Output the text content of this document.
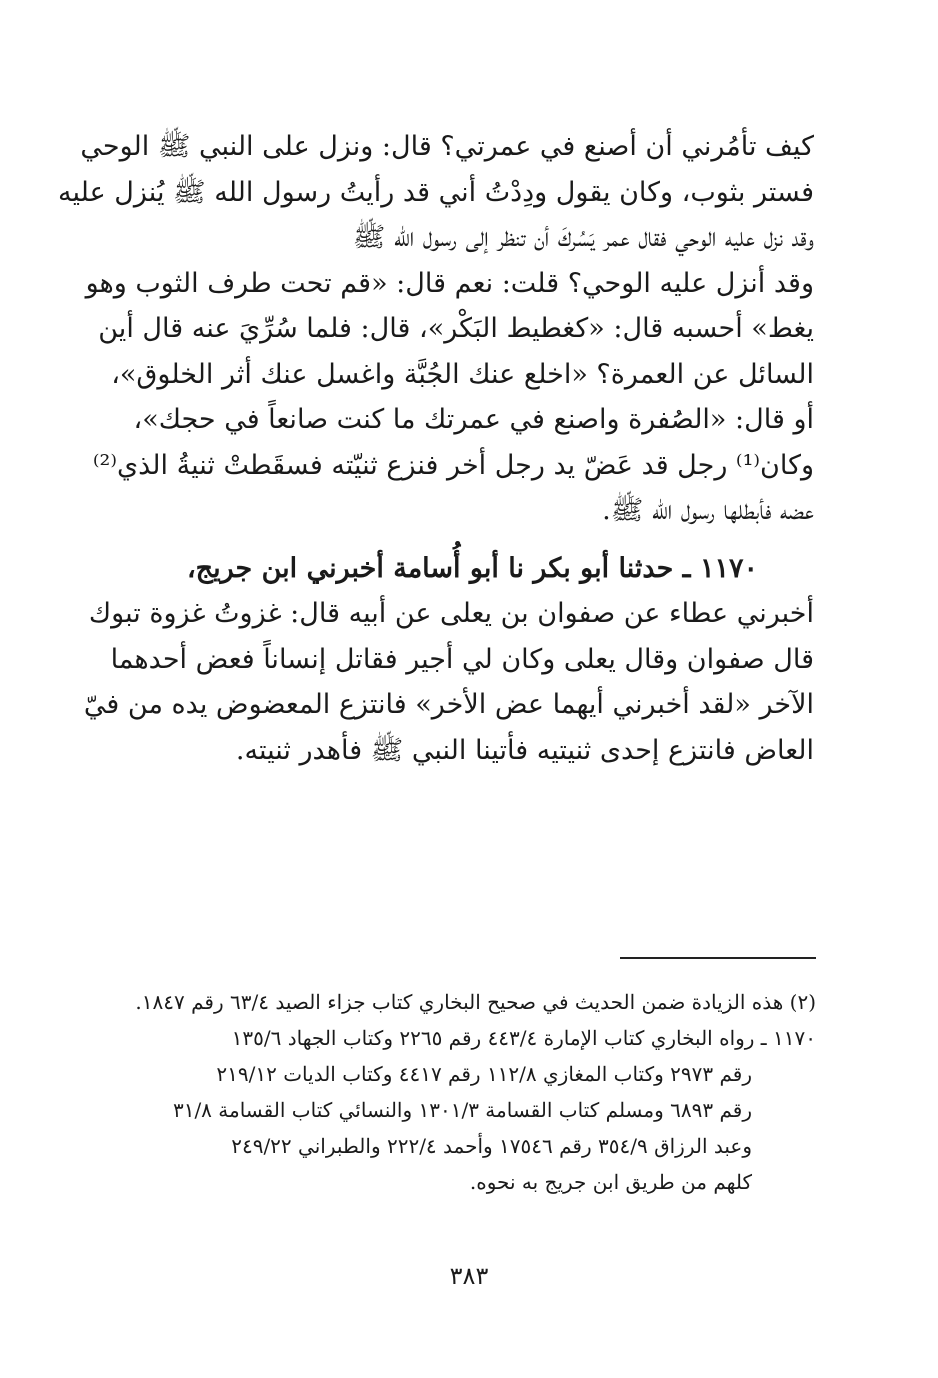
كيف تأمُرني أن أصنع في عمرتي؟ قال: ونزل على النبي ﷺ الوحي
فستر بثوب، وكان يقول ودِدْتُ أني قد رأيتُ رسول الله ﷺ يُنزل عليه
وقد نزل عليه الوحي فقال عمر يَسُركَ أن تنظر إلى رسول الله ﷺ
وقد أنزل عليه الوحي؟ قلت: نعم قال: «قم تحت طرف الثوب وهو
يغط» أحسبه قال: «كغطيط البَكْر»، قال: فلما سُرِّيَ عنه قال أين
السائل عن العمرة؟ «اخلع عنك الجُبَّة واغسل عنك أثر الخلوق»،
أو قال: «الصُفرة واصنع في عمرتك ما كنت صانعاً في حجك»،
وكان⁽¹⁾ رجل قد عَضّ يد رجل أخر فنزع ثنيّته فسقَطتْ ثنيةُ الذي⁽²⁾
عضه فأبطلها رسول الله ﷺ.
١١٧٠ ـ حدثنا أبو بكر نا أبو أُسامة أخبرني ابن جريج،
أخبرني عطاء عن صفوان بن يعلى عن أبيه قال: غزوتُ غزوة تبوك
قال صفوان وقال يعلى وكان لي أجير فقاتل إنساناً فعض أحدهما
الآخر «لقد أخبرني أيهما عض الأخر» فانتزع المعضوض يده من فيّ
العاض فانتزع إحدى ثنيتيه فأتينا النبي ﷺ فأهدر ثنيته.
(٢) هذه الزيادة ضمن الحديث في صحيح البخاري كتاب جزاء الصيد ٦٣/٤ رقم ١٨٤٧.
١١٧٠ ـ رواه البخاري كتاب الإمارة ٤٤٣/٤ رقم ٢٢٦٥ وكتاب الجهاد ١٣٥/٦
رقم ٢٩٧٣ وكتاب المغازي ١١٢/٨ رقم ٤٤١٧ وكتاب الديات ٢١٩/١٢
رقم ٦٨٩٣ ومسلم كتاب القسامة ١٣٠١/٣ والنسائي كتاب القسامة ٣١/٨
وعبد الرزاق ٣٥٤/٩ رقم ١٧٥٤٦ وأحمد ٢٢٢/٤ والطبراني ٢٤٩/٢٢
كلهم من طريق ابن جريج به نحوه.
٣٨٣
